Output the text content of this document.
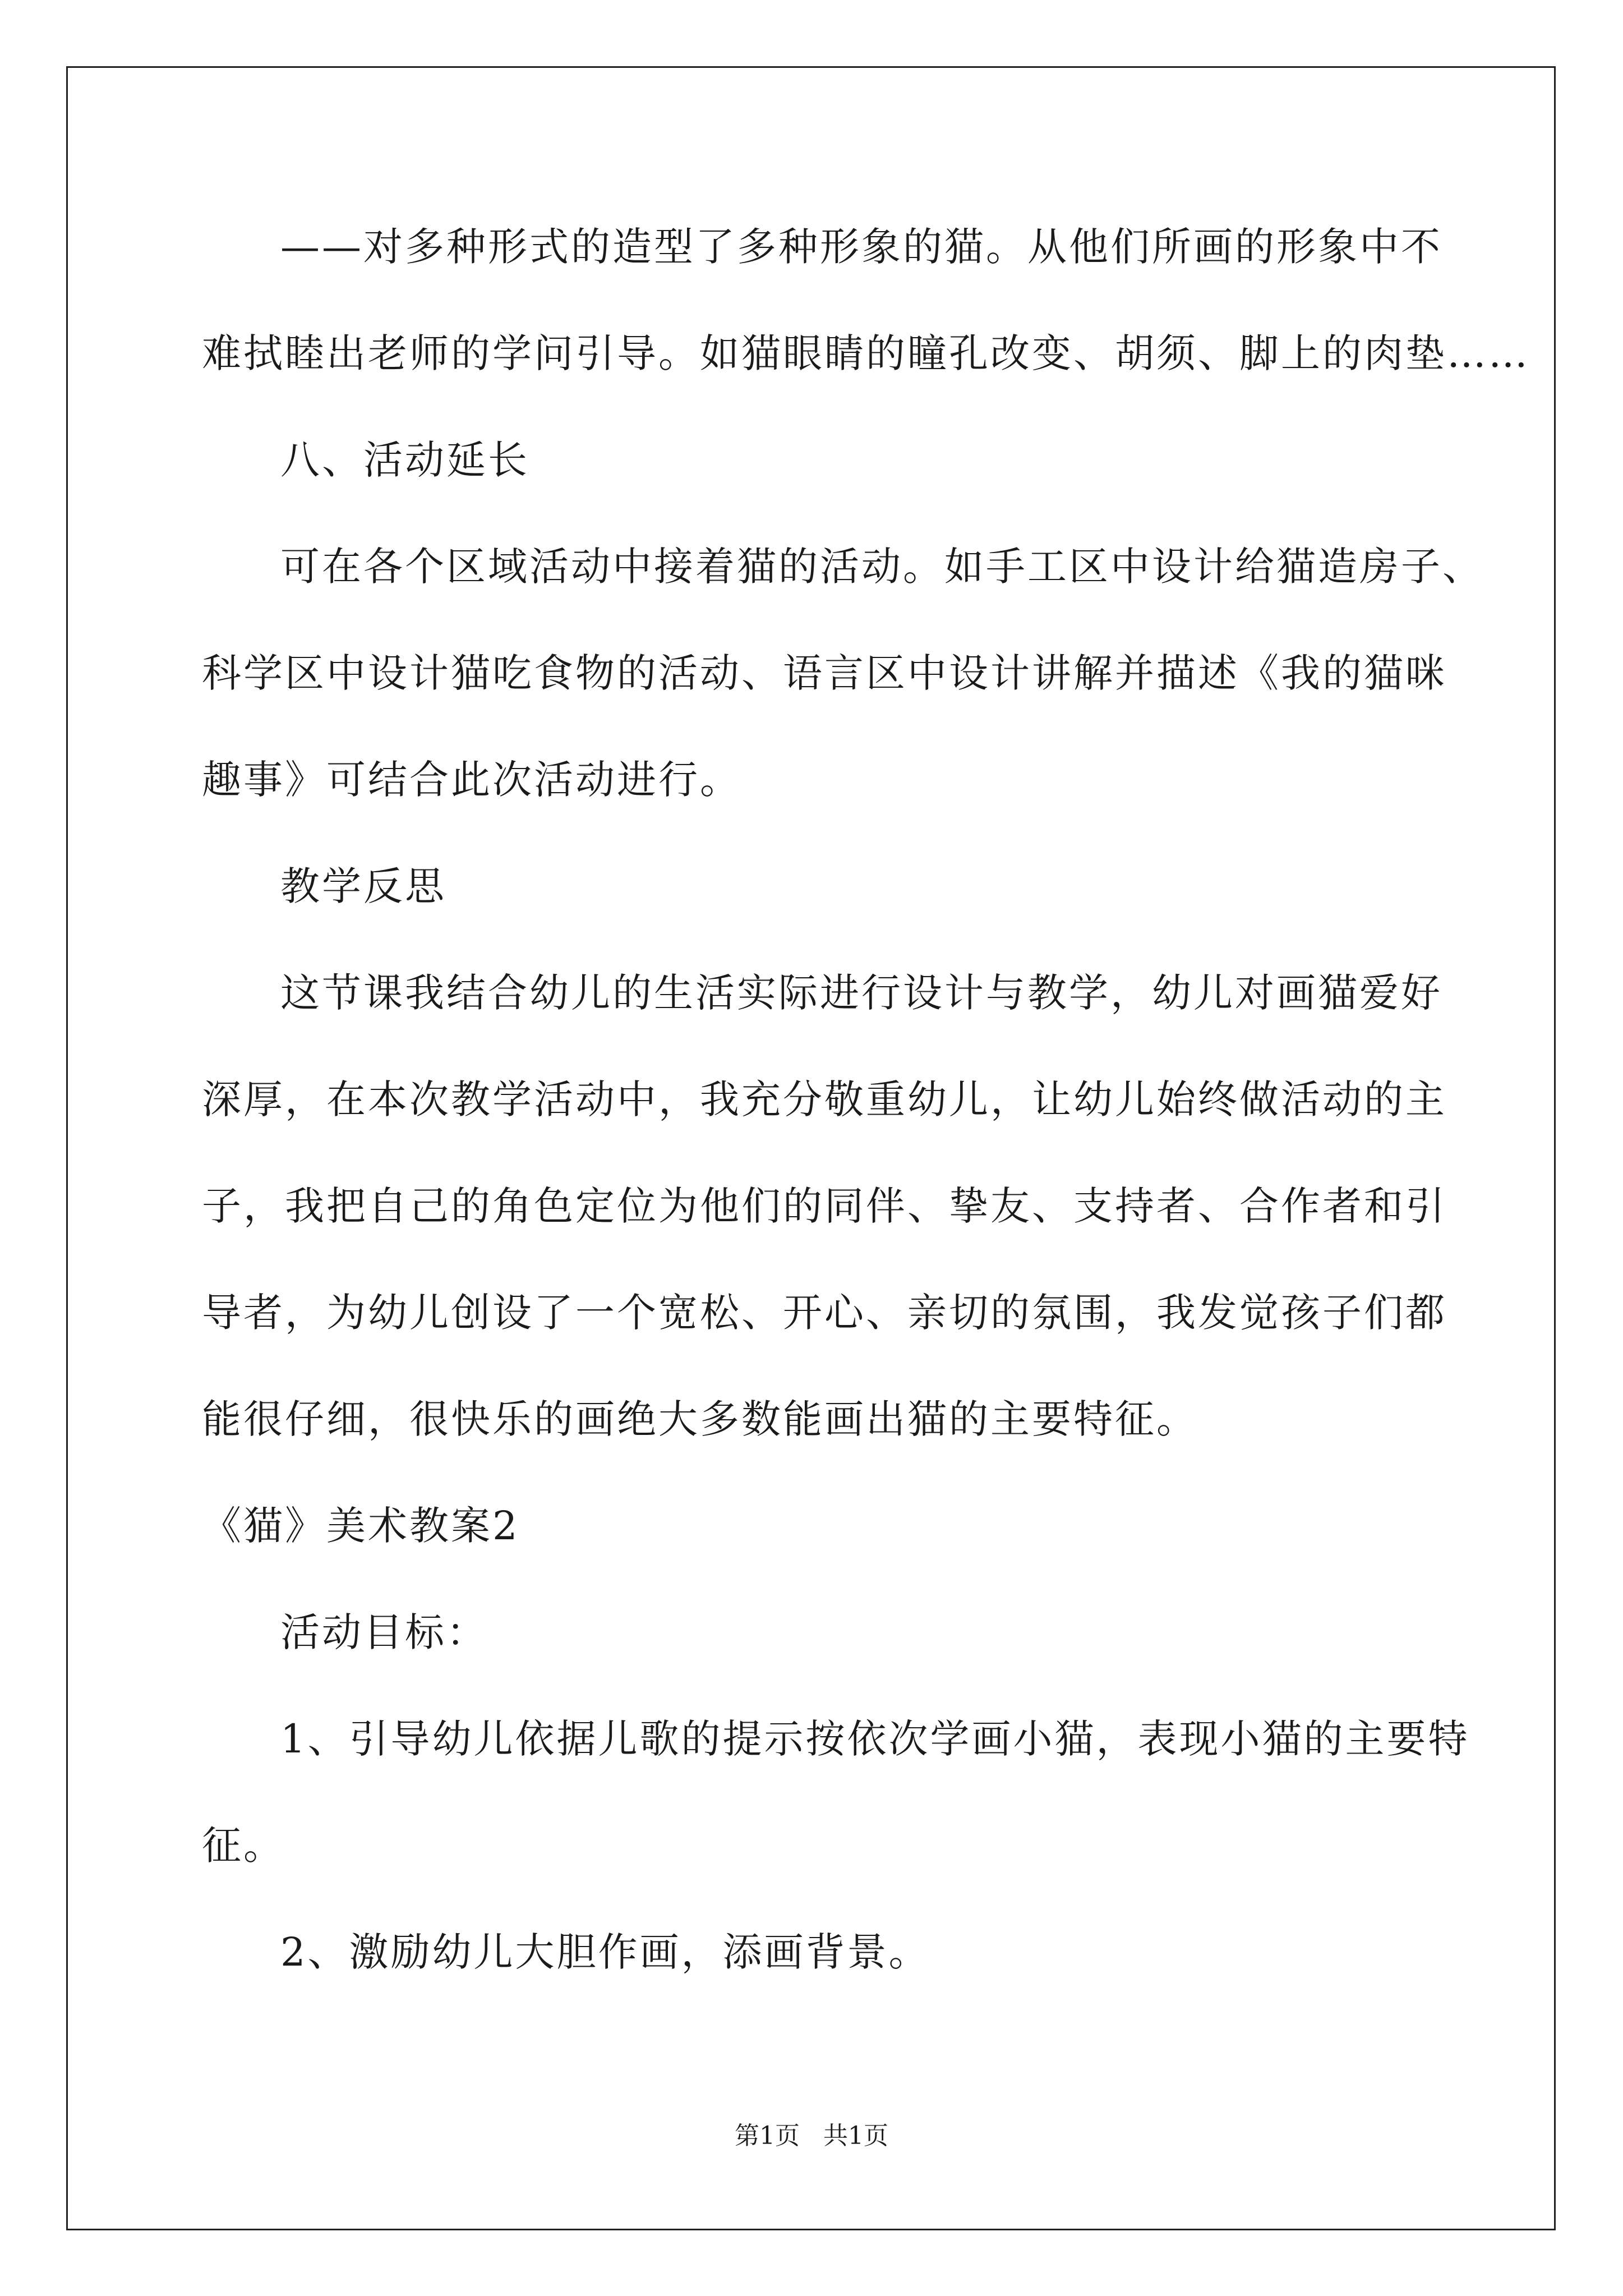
——对多种形式的造型了多种形象的猫。从他们所画的形象中不
难拭睦出老师的学问引导。如猫眼睛的瞳孔改变、胡须、脚上的肉垫……
八、活动延长
可在各个区域活动中接着猫的活动。如手工区中设计给猫造房子、
科学区中设计猫吃食物的活动、语言区中设计讲解并描述《我的猫咪
趣事》可结合此次活动进行。
教学反思
这节课我结合幼儿的生活实际进行设计与教学，幼儿对画猫爱好
深厚，在本次教学活动中，我充分敬重幼儿，让幼儿始终做活动的主
子，我把自己的角色定位为他们的同伴、挚友、支持者、合作者和引
导者，为幼儿创设了一个宽松、开心、亲切的氛围，我发觉孩子们都
能很仔细，很快乐的画绝大多数能画出猫的主要特征。
《猫》美术教案2
活动目标：
1、引导幼儿依据儿歌的提示按依次学画小猫，表现小猫的主要特
征。
2、激励幼儿大胆作画，添画背景。
第1页 共1页
